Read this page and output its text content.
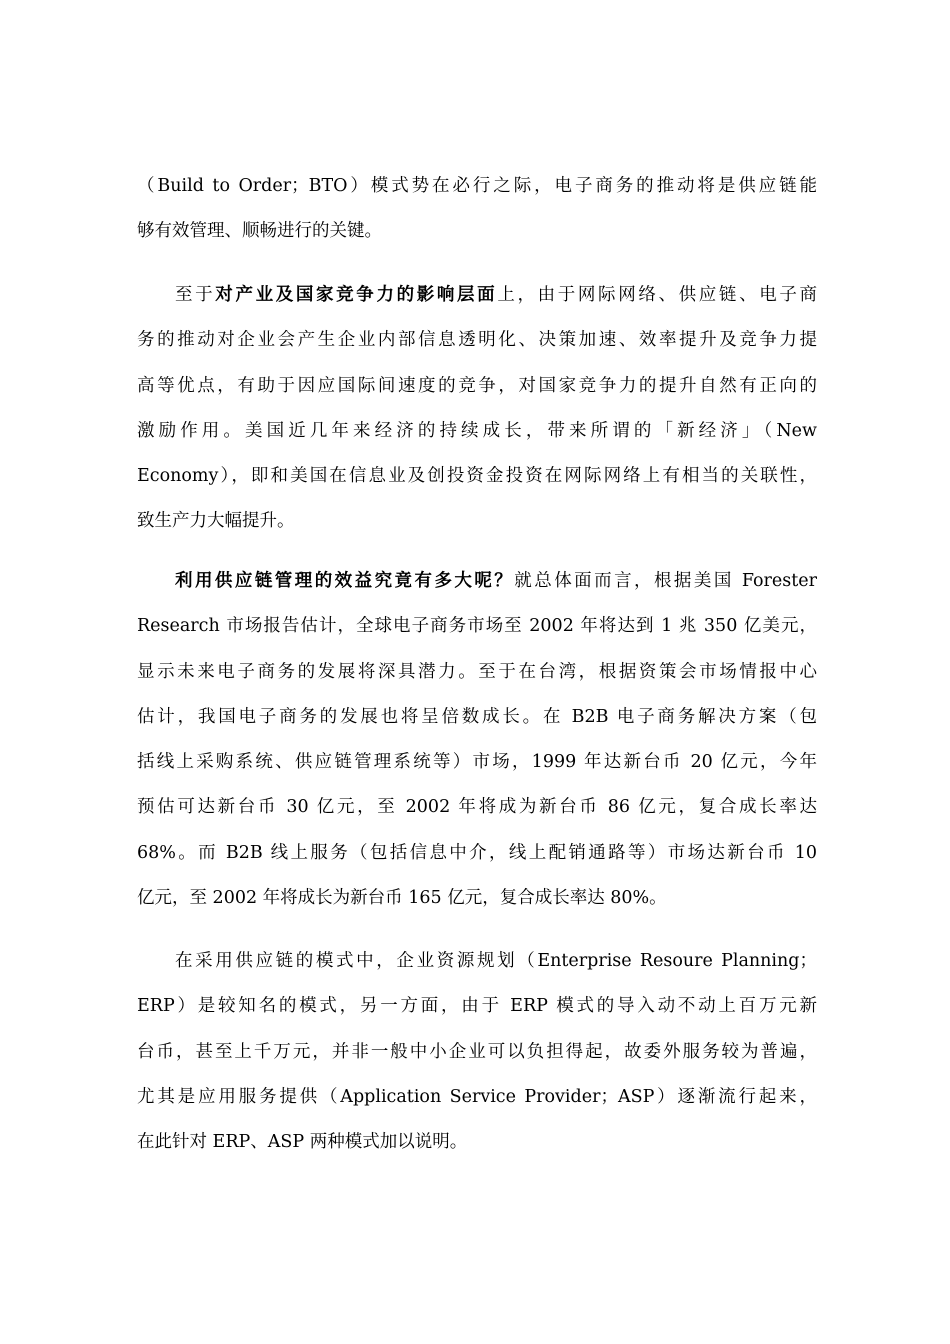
（Build to Order；BTO）模式势在必行之际，电子商务的推动将是供应链能
够有效管理、顺畅进行的关键。
至于对产业及国家竞争力的影响层面上，由于网际网络、供应链、电子商
务的推动对企业会产生企业内部信息透明化、决策加速、效率提升及竞争力提
高等优点，有助于因应国际间速度的竞争，对国家竞争力的提升自然有正向的
激励作用。美国近几年来经济的持续成长，带来所谓的「新经济」（New
Economy），即和美国在信息业及创投资金投资在网际网络上有相当的关联性，
致生产力大幅提升。
利用供应链管理的效益究竟有多大呢？就总体面而言，根据美国 Forester
Research 市场报告估计，全球电子商务市场至 2002 年将达到 1 兆 350 亿美元，
显示未来电子商务的发展将深具潜力。至于在台湾，根据资策会市场情报中心
估计，我国电子商务的发展也将呈倍数成长。在 B2B 电子商务解决方案（包
括线上采购系统、供应链管理系统等）市场，1999 年达新台币 20 亿元，今年
预估可达新台币 30 亿元，至 2002 年将成为新台币 86 亿元，复合成长率达
68%。而 B2B 线上服务（包括信息中介，线上配销通路等）市场达新台币 10
亿元，至 2002 年将成长为新台币 165 亿元，复合成长率达 80%。
在采用供应链的模式中，企业资源规划（Enterprise Resoure Planning；
ERP）是较知名的模式，另一方面，由于 ERP 模式的导入动不动上百万元新
台币，甚至上千万元，并非一般中小企业可以负担得起，故委外服务较为普遍，
尤其是应用服务提供（Application Service Provider；ASP）逐渐流行起来，
在此针对 ERP、ASP 两种模式加以说明。
